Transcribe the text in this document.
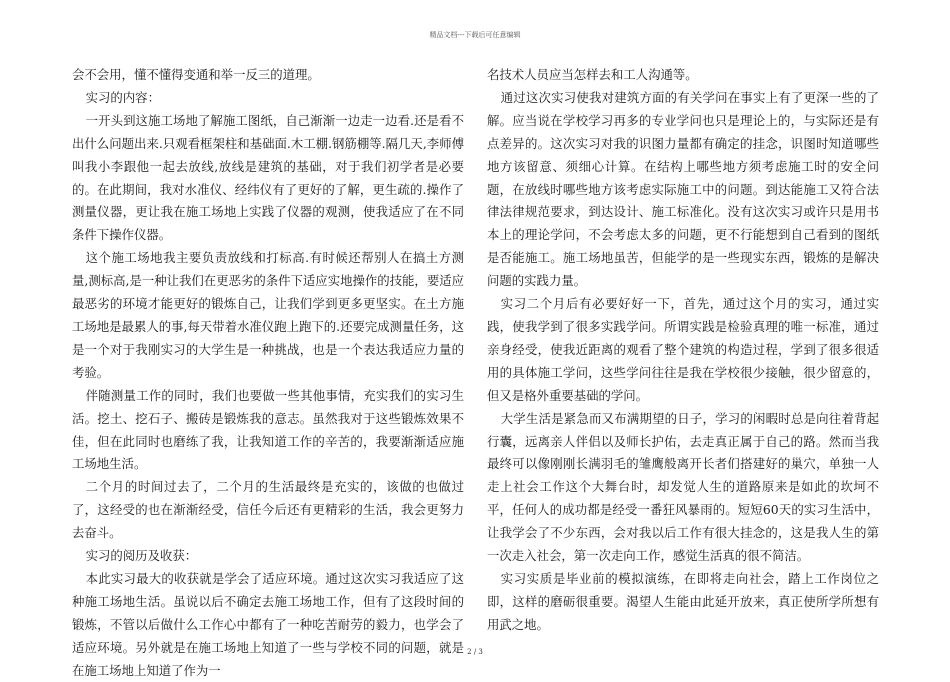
精品文档---下载后可任意编辑

会不会用，懂不懂得变通和举一反三的道理。

实习的内容：

一开头到这施工场地了解施工图纸，自己渐渐一边走一边看.还是看不出什么问题出来.只观看框架柱和基础面.木工棚.钢筋棚等.隔几天,李师傅叫我小李跟他一起去放线,放线是建筑的基础，对于我们初学者是必要的。在此期间，我对水准仪、经纬仪有了更好的了解，更生疏的.操作了测量仪器，更让我在施工场地上实践了仪器的观测，使我适应了在不同条件下操作仪器。

这个施工场地我主要负责放线和打标高.有时候还帮别人在搞土方测量,测标高,是一种让我们在更恶劣的条件下适应实地操作的技能，要适应最恶劣的环境才能更好的锻炼自己，让我们学到更多更坚实。在土方施工场地是最累人的事,每天带着水准仪跑上跑下的.还要完成测量任务，这是一个对于我刚实习的大学生是一种挑战，也是一个表达我适应力量的考验。

伴随测量工作的同时，我们也要做一些其他事情，充实我们的实习生活。挖土、挖石子、搬砖是锻炼我的意志。虽然我对于这些锻炼效果不佳，但在此同时也磨练了我，让我知道工作的辛苦的，我要渐渐适应施工场地生活。

二个月的时间过去了，二个月的生活最终是充实的，该做的也做过了，这经受的也在渐渐经受，信任今后还有更精彩的生活，我会更努力去奋斗。

实习的阅历及收获：

本此实习最大的收获就是学会了适应环境。通过这次实习我适应了这种施工场地生活。虽说以后不确定去施工场地工作，但有了这段时间的锻炼，不管以后做什么工作心中都有了一种吃苦耐劳的毅力，也学会了适应环境。另外就是在施工场地上知道了一些与学校不同的问题，就是在施工场地上知道了作为一

名技术人员应当怎样去和工人沟通等。

通过这次实习使我对建筑方面的有关学问在事实上有了更深一些的了解。应当说在学校学习再多的专业学问也只是理论上的，与实际还是有点差异的。这次实习对我的识图力量都有确定的挂念，识图时知道哪些地方该留意、须细心计算。在结构上哪些地方须考虑施工时的安全问题，在放线时哪些地方该考虑实际施工中的问题。到达能施工又符合法律法律规范要求，到达设计、施工标准化。没有这次实习或许只是用书本上的理论学问，不会考虑太多的问题，更不行能想到自己看到的图纸是否能施工。施工场地虽苦，但能学的是一些现实东西，锻炼的是解决问题的实践力量。

实习二个月后有必要好好一下，首先，通过这个月的实习，通过实践，使我学到了很多实践学问。所谓实践是检验真理的唯一标准，通过亲身经受，使我近距离的观看了整个建筑的构造过程，学到了很多很适用的具体施工学问，这些学问往往是我在学校很少接触，很少留意的，但又是格外重要基础的学问。

大学生活是紧急而又布满期望的日子，学习的闲暇时总是向往着背起行囊，远离亲人伴侣以及师长护佑，去走真正属于自己的路。然而当我最终可以像刚刚长满羽毛的雏鹰般离开长者们搭建好的巢穴，单独一人走上社会工作这个大舞台时，却发觉人生的道路原来是如此的坎坷不平，任何人的成功都是经受一番狂风暴雨的。短短60天的实习生活中，让我学会了不少东西，会对我以后工作有很大挂念的，这是我人生的第一次走入社会，第一次走向工作，感觉生活真的很不简洁。

实习实质是毕业前的模拟演练，在即将走向社会，踏上工作岗位之即，这样的磨砺很重要。渴望人生能由此延开放来，真正使所学所想有用武之地。

2 / 3
